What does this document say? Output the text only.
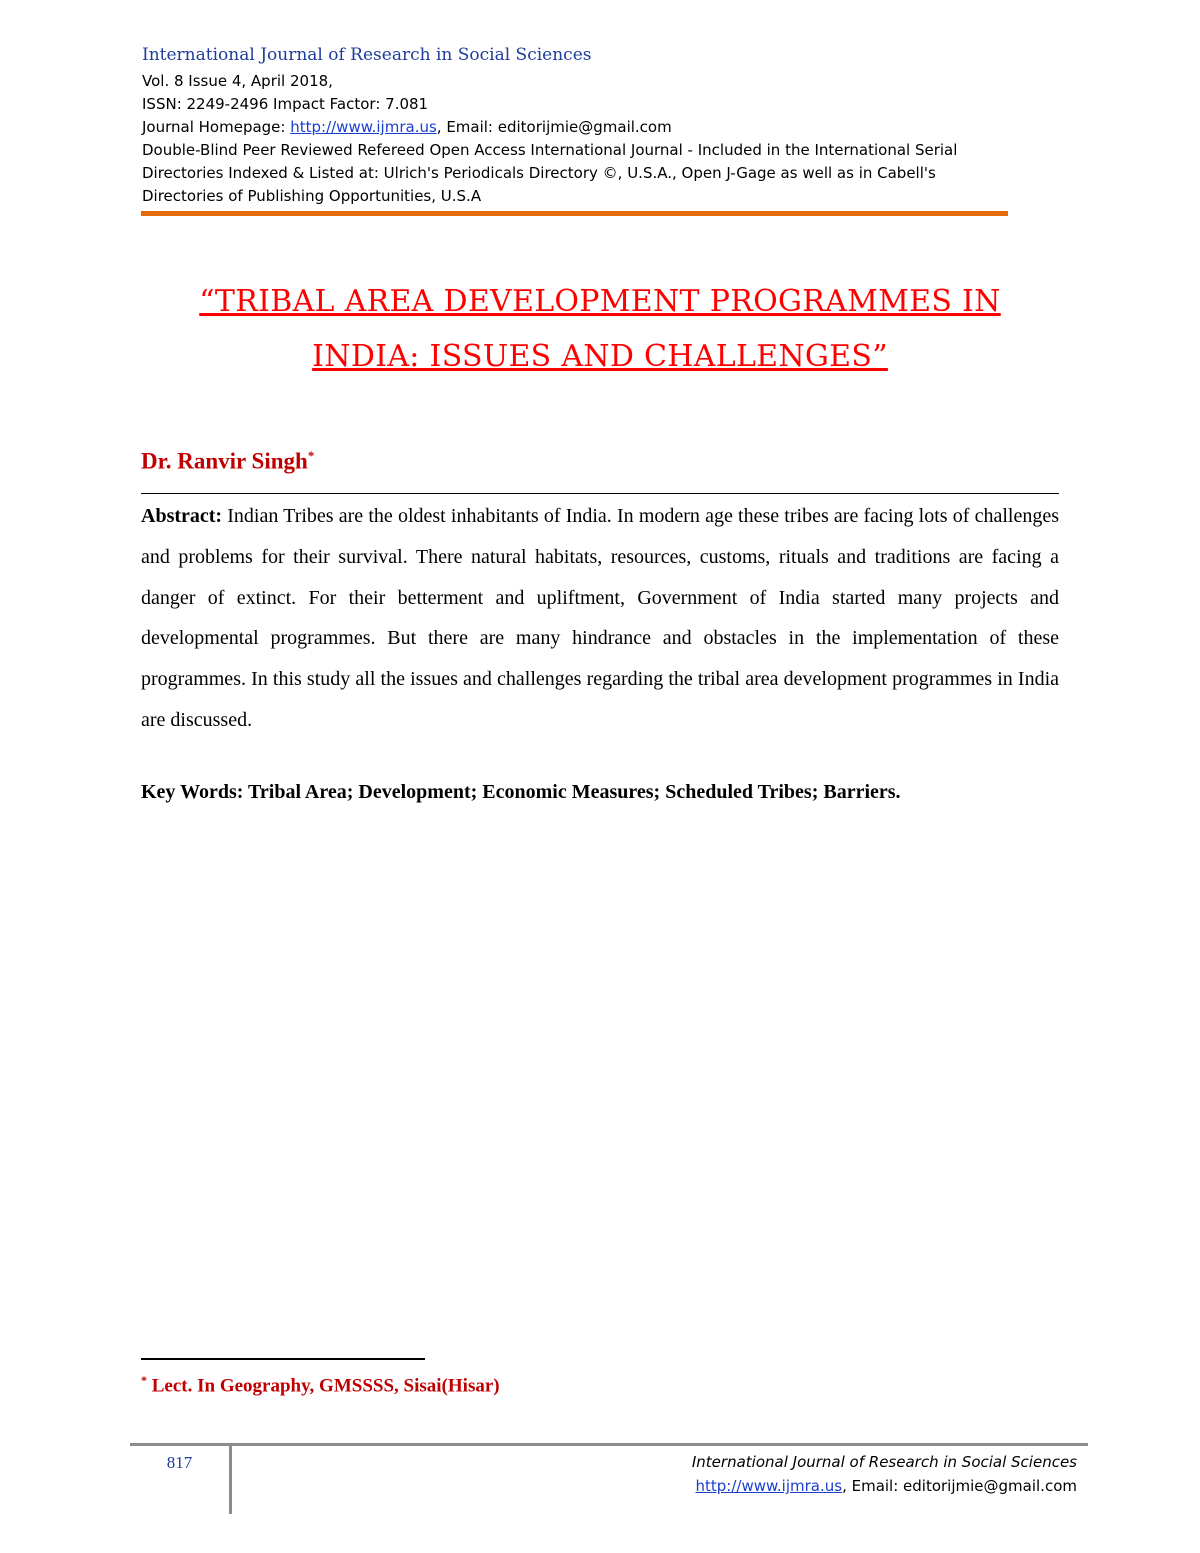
International Journal of Research in Social Sciences
Vol. 8 Issue 4, April 2018,
ISSN: 2249-2496 Impact Factor: 7.081
Journal Homepage: http://www.ijmra.us, Email: editorijmie@gmail.com
Double-Blind Peer Reviewed Refereed Open Access International Journal - Included in the International Serial
Directories Indexed & Listed at: Ulrich's Periodicals Directory ©, U.S.A., Open J-Gage as well as in Cabell's
Directories of Publishing Opportunities, U.S.A
“TRIBAL AREA DEVELOPMENT PROGRAMMES IN
INDIA: ISSUES AND CHALLENGES”
Dr. Ranvir Singh*
Abstract: Indian Tribes are the oldest inhabitants of India. In modern age these tribes are facing lots of challenges and problems for their survival. There natural habitats, resources, customs, rituals and traditions are facing a danger of extinct. For their betterment and upliftment, Government of India started many projects and developmental programmes. But there are many hindrance and obstacles in the implementation of these programmes. In this study all the issues and challenges regarding the tribal area development programmes in India are discussed.
Key Words: Tribal Area; Development; Economic Measures; Scheduled Tribes; Barriers.
* Lect. In Geography, GMSSSS, Sisai(Hisar)
817	International Journal of Research in Social Sciences
http://www.ijmra.us, Email: editorijmie@gmail.com
